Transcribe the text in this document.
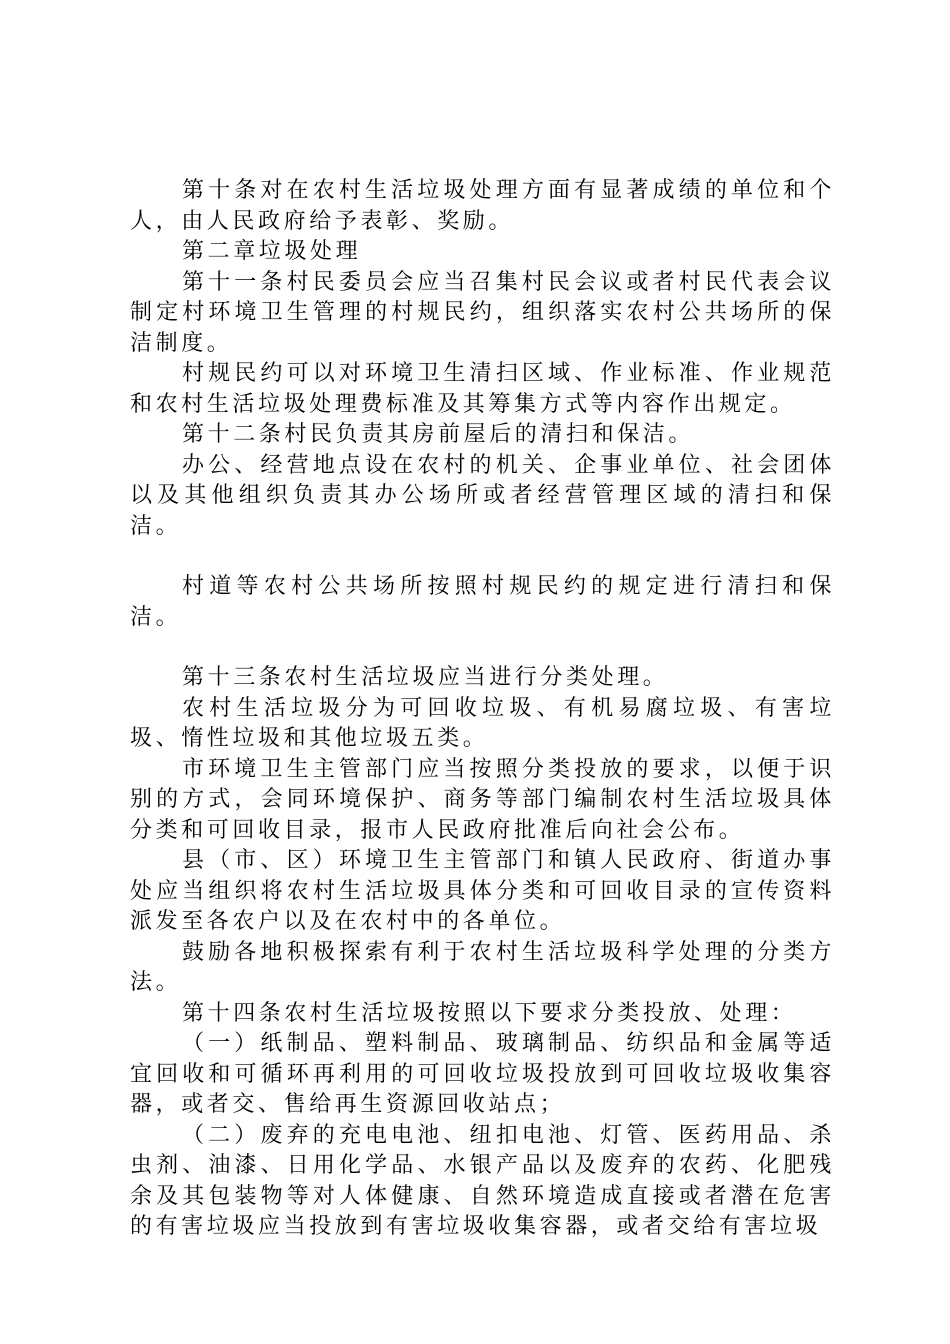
第十条对在农村生活垃圾处理方面有显著成绩的单位和个人，由人民政府给予表彰、奖励。

第二章垃圾处理

第十一条村民委员会应当召集村民会议或者村民代表会议制定村环境卫生管理的村规民约，组织落实农村公共场所的保洁制度。

村规民约可以对环境卫生清扫区域、作业标准、作业规范和农村生活垃圾处理费标准及其筹集方式等内容作出规定。

第十二条村民负责其房前屋后的清扫和保洁。

办公、经营地点设在农村的机关、企事业单位、社会团体以及其他组织负责其办公场所或者经营管理区域的清扫和保洁。

村道等农村公共场所按照村规民约的规定进行清扫和保洁。

第十三条农村生活垃圾应当进行分类处理。

农村生活垃圾分为可回收垃圾、有机易腐垃圾、有害垃圾、惰性垃圾和其他垃圾五类。

市环境卫生主管部门应当按照分类投放的要求，以便于识别的方式，会同环境保护、商务等部门编制农村生活垃圾具体分类和可回收目录，报市人民政府批准后向社会公布。

县（市、区）环境卫生主管部门和镇人民政府、街道办事处应当组织将农村生活垃圾具体分类和可回收目录的宣传资料派发至各农户以及在农村中的各单位。

鼓励各地积极探索有利于农村生活垃圾科学处理的分类方法。

第十四条农村生活垃圾按照以下要求分类投放、处理：

（一）纸制品、塑料制品、玻璃制品、纺织品和金属等适宜回收和可循环再利用的可回收垃圾投放到可回收垃圾收集容器，或者交、售给再生资源回收站点；

（二）废弃的充电电池、纽扣电池、灯管、医药用品、杀虫剂、油漆、日用化学品、水银产品以及废弃的农药、化肥残余及其包装物等对人体健康、自然环境造成直接或者潜在危害的有害垃圾应当投放到有害垃圾收集容器，或者交给有害垃圾
